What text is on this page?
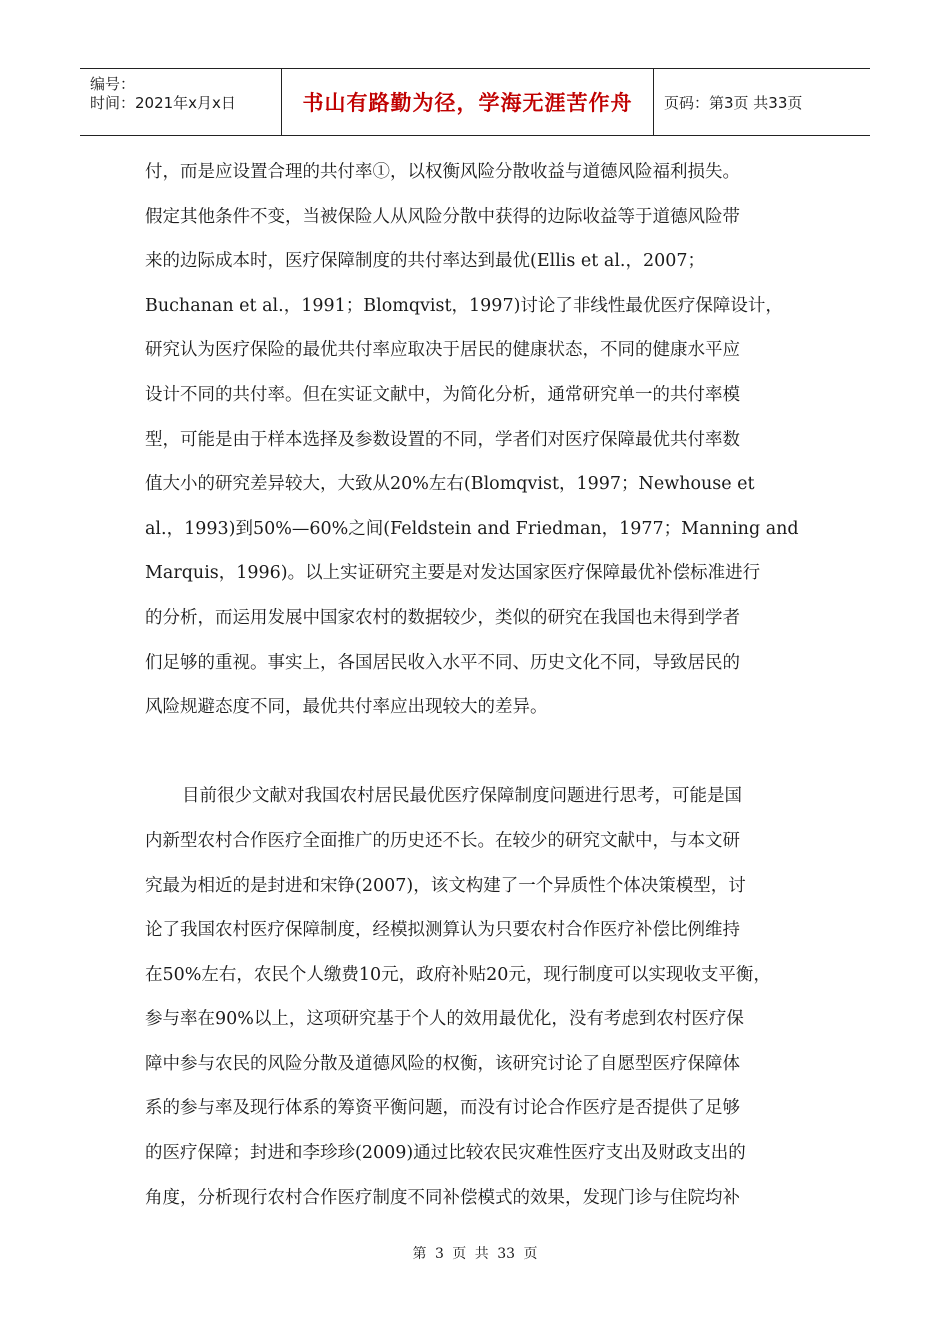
编号：
时间：2021年x月x日	书山有路勤为径，学海无涯苦作舟	页码：第3页 共33页
付，而是应设置合理的共付率①，以权衡风险分散收益与道德风险福利损失。
假定其他条件不变，当被保险人从风险分散中获得的边际收益等于道德风险带
来的边际成本时，医疗保障制度的共付率达到最优(Ellis et al.，2007；
Buchanan et al.，1991；Blomqvist，1997)讨论了非线性最优医疗保障设计，
研究认为医疗保险的最优共付率应取决于居民的健康状态，不同的健康水平应
设计不同的共付率。但在实证文献中，为简化分析，通常研究单一的共付率模
型，可能是由于样本选择及参数设置的不同，学者们对医疗保障最优共付率数
值大小的研究差异较大，大致从20%左右(Blomqvist，1997；Newhouse et
al.，1993)到50%—60%之间(Feldstein and Friedman，1977；Manning and
Marquis，1996)。以上实证研究主要是对发达国家医疗保障最优补偿标准进行
的分析，而运用发展中国家农村的数据较少，类似的研究在我国也未得到学者
们足够的重视。事实上，各国居民收入水平不同、历史文化不同，导致居民的
风险规避态度不同，最优共付率应出现较大的差异。
目前很少文献对我国农村居民最优医疗保障制度问题进行思考，可能是国
内新型农村合作医疗全面推广的历史还不长。在较少的研究文献中，与本文研
究最为相近的是封进和宋铮(2007)，该文构建了一个异质性个体决策模型，讨
论了我国农村医疗保障制度，经模拟测算认为只要农村合作医疗补偿比例维持
在50%左右，农民个人缴费10元，政府补贴20元，现行制度可以实现收支平衡，
参与率在90%以上，这项研究基于个人的效用最优化，没有考虑到农村医疗保
障中参与农民的风险分散及道德风险的权衡，该研究讨论了自愿型医疗保障体
系的参与率及现行体系的筹资平衡问题，而没有讨论合作医疗是否提供了足够
的医疗保障；封进和李珍珍(2009)通过比较农民灾难性医疗支出及财政支出的
角度，分析现行农村合作医疗制度不同补偿模式的效果，发现门诊与住院均补
第 3 页 共 33 页
